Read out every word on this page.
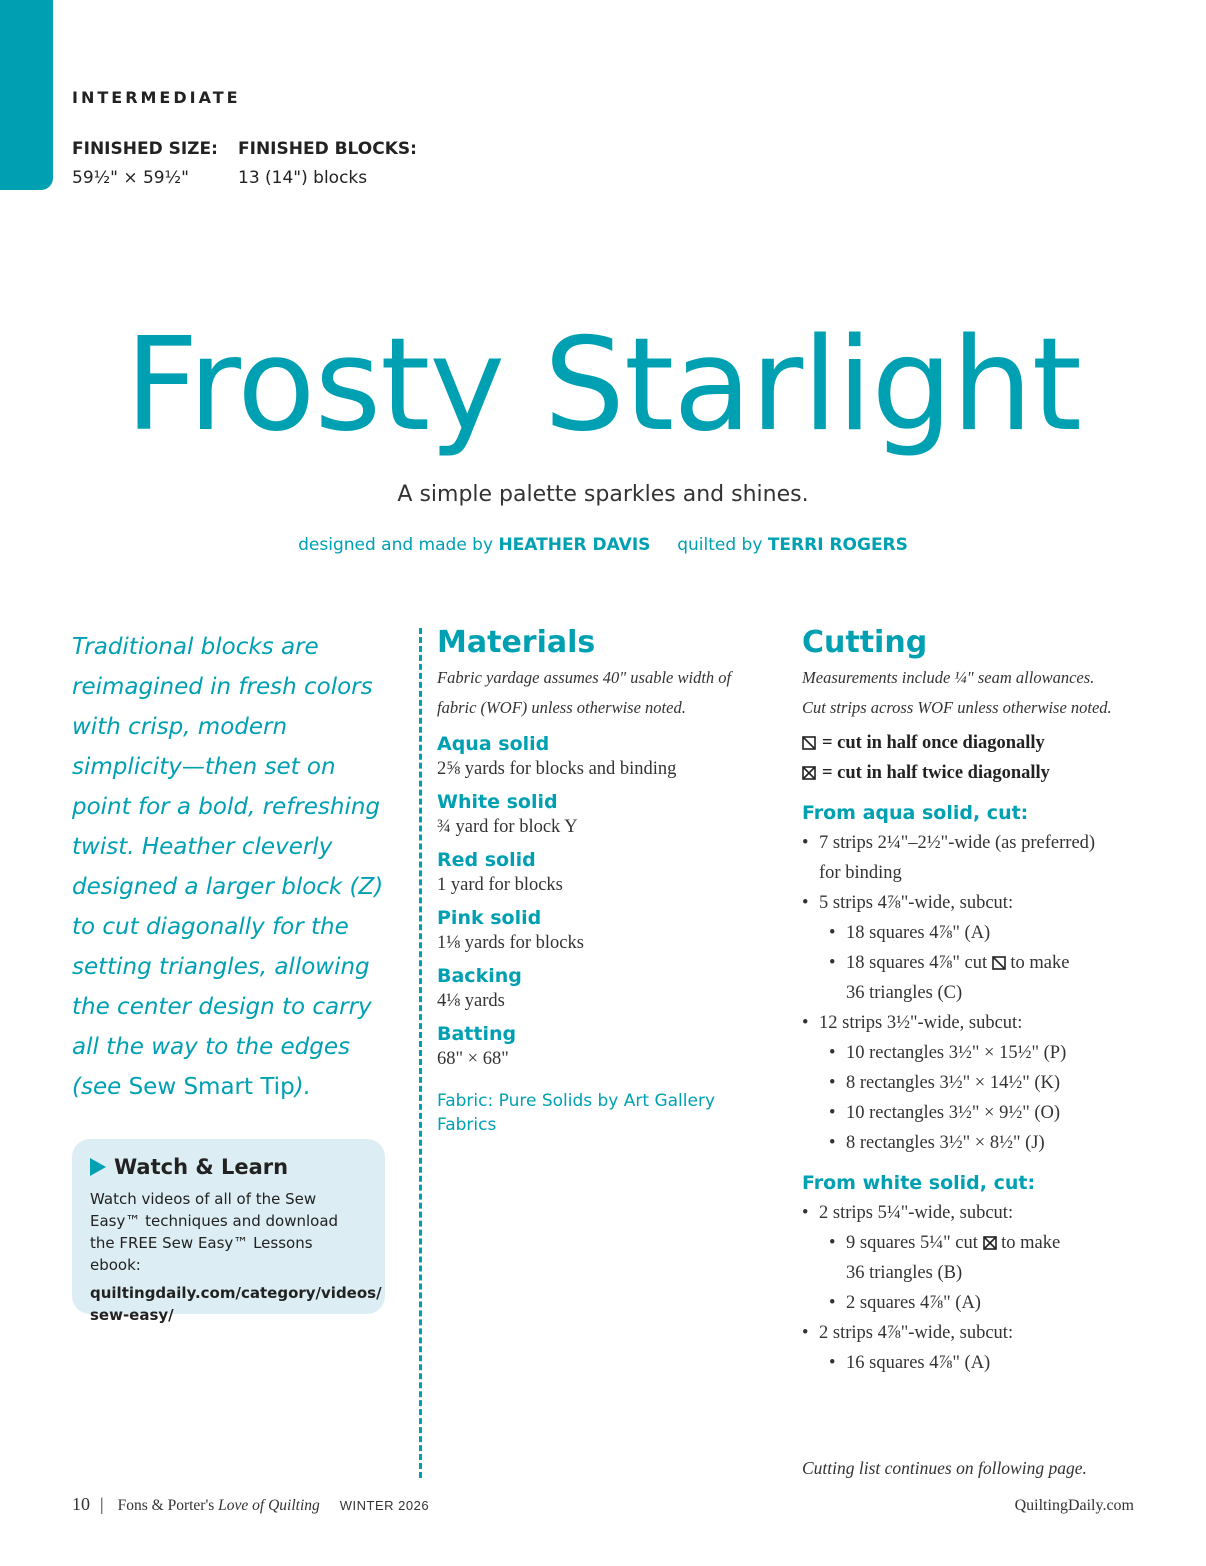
INTERMEDIATE
FINISHED SIZE:
59½" × 59½"
FINISHED BLOCKS:
13 (14") blocks
Frosty Starlight
A simple palette sparkles and shines.
designed and made by HEATHER DAVIS quilted by TERRI ROGERS
Traditional blocks are reimagined in fresh colors with crisp, modern simplicity—then set on point for a bold, refreshing twist. Heather cleverly designed a larger block (Z) to cut diagonally for the setting triangles, allowing the center design to carry all the way to the edges (see Sew Smart Tip).
Watch & Learn
Watch videos of all of the Sew Easy™ techniques and download the FREE Sew Easy™ Lessons ebook:
quiltingdaily.com/category/videos/ sew-easy/
Materials
Fabric yardage assumes 40" usable width of fabric (WOF) unless otherwise noted.
Aqua solid
2⅝ yards for blocks and binding
White solid
¾ yard for block Y
Red solid
1 yard for blocks
Pink solid
1⅛ yards for blocks
Backing
4⅛ yards
Batting
68" × 68"
Fabric: Pure Solids by Art Gallery Fabrics
Cutting
Measurements include ¼" seam allowances.
Cut strips across WOF unless otherwise noted.
= cut in half once diagonally
= cut in half twice diagonally
From aqua solid, cut:
• 7 strips 2¼"–2½"-wide (as preferred)
for binding
• 5 strips 4⅞"-wide, subcut:
• 18 squares 4⅞" (A)
• 18 squares 4⅞" cut to make
36 triangles (C)
• 12 strips 3½"-wide, subcut:
• 10 rectangles 3½" × 15½" (P)
• 8 rectangles 3½" × 14½" (K)
• 10 rectangles 3½" × 9½" (O)
• 8 rectangles 3½" × 8½" (J)
From white solid, cut:
• 2 strips 5¼"-wide, subcut:
• 9 squares 5¼" cut to make
36 triangles (B)
• 2 squares 4⅞" (A)
• 2 strips 4⅞"-wide, subcut:
• 16 squares 4⅞" (A)
Cutting list continues on following page.
10 | Fons & Porter's Love of Quilting WINTER 2026	QuiltingDaily.com
